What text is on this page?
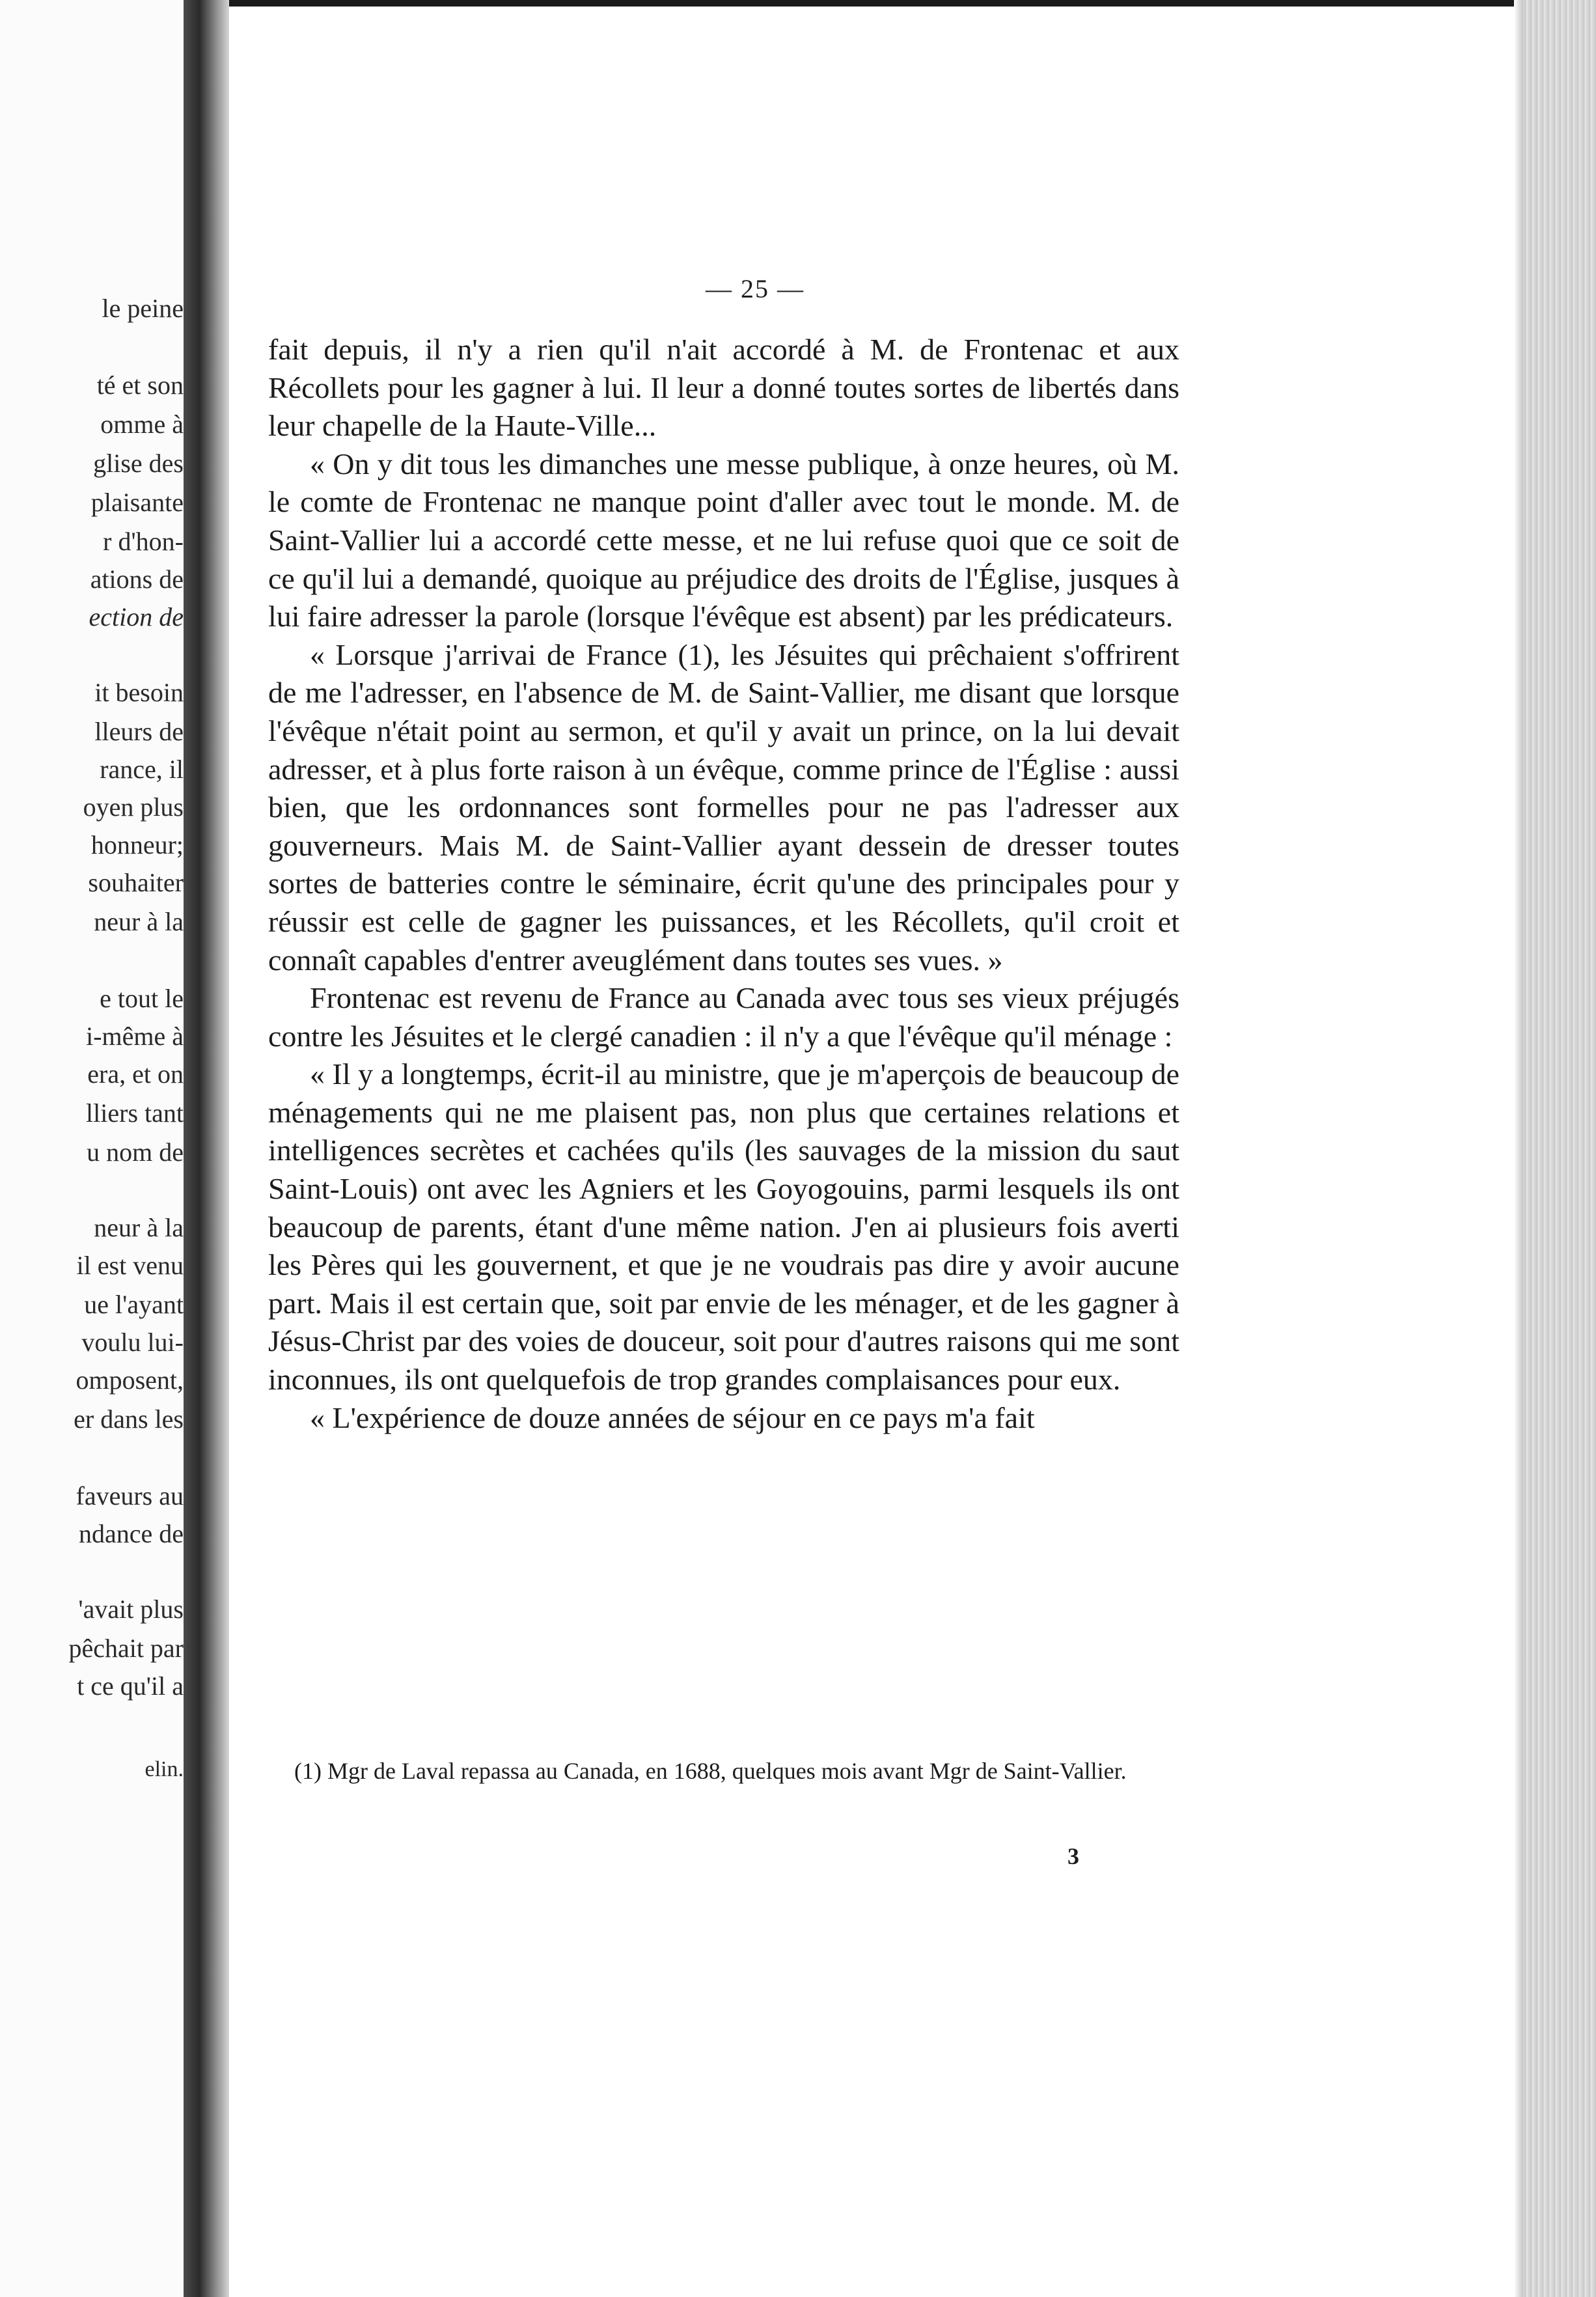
le peine
té et son
omme à
glise des
plaisante
r d'hon-
ations de
ection de
it besoin
lleurs de
rance, il
oyen plus
honneur;
souhaiter
neur à la
e tout le
i-même à
era, et on
lliers tant
u nom de
neur à la
il est venu
ue l'ayant
voulu lui-
omposent,
er dans les
faveurs au
ndance de
'avait plus
pêchait par
t ce qu'il a
elin.
— 25 —

fait depuis, il n'y a rien qu'il n'ait accordé à M. de Frontenac et aux Récollets pour les gagner à lui. Il leur a donné toutes sortes de libertés dans leur chapelle de la Haute-Ville...

« On y dit tous les dimanches une messe publique, à onze heures, où M. le comte de Frontenac ne manque point d'aller avec tout le monde. M. de Saint-Vallier lui a accordé cette messe, et ne lui refuse quoi que ce soit de ce qu'il lui a demandé, quoique au préjudice des droits de l'Église, jusques à lui faire adresser la parole (lorsque l'évêque est absent) par les prédicateurs.

« Lorsque j'arrivai de France (1), les Jésuites qui prêchaient s'offrirent de me l'adresser, en l'absence de M. de Saint-Vallier, me disant que lorsque l'évêque n'était point au sermon, et qu'il y avait un prince, on la lui devait adresser, et à plus forte raison à un évêque, comme prince de l'Église : aussi bien, que les ordonnances sont formelles pour ne pas l'adresser aux gouverneurs. Mais M. de Saint-Vallier ayant dessein de dresser toutes sortes de batteries contre le séminaire, écrit qu'une des principales pour y réussir est celle de gagner les puissances, et les Récollets, qu'il croit et connaît capables d'entrer aveuglément dans toutes ses vues. »

Frontenac est revenu de France au Canada avec tous ses vieux préjugés contre les Jésuites et le clergé canadien : il n'y a que l'évêque qu'il ménage :

« Il y a longtemps, écrit-il au ministre, que je m'aperçois de beaucoup de ménagements qui ne me plaisent pas, non plus que certaines relations et intelligences secrètes et cachées qu'ils (les sauvages de la mission du saut Saint-Louis) ont avec les Agniers et les Goyogouins, parmi lesquels ils ont beaucoup de parents, étant d'une même nation. J'en ai plusieurs fois averti les Pères qui les gouvernent, et que je ne voudrais pas dire y avoir aucune part. Mais il est certain que, soit par envie de les ménager, et de les gagner à Jésus-Christ par des voies de douceur, soit pour d'autres raisons qui me sont inconnues, ils ont quelquefois de trop grandes complaisances pour eux.

« L'expérience de douze années de séjour en ce pays m'a fait

(1) Mgr de Laval repassa au Canada, en 1688, quelques mois avant Mgr de Saint-Vallier.
3
